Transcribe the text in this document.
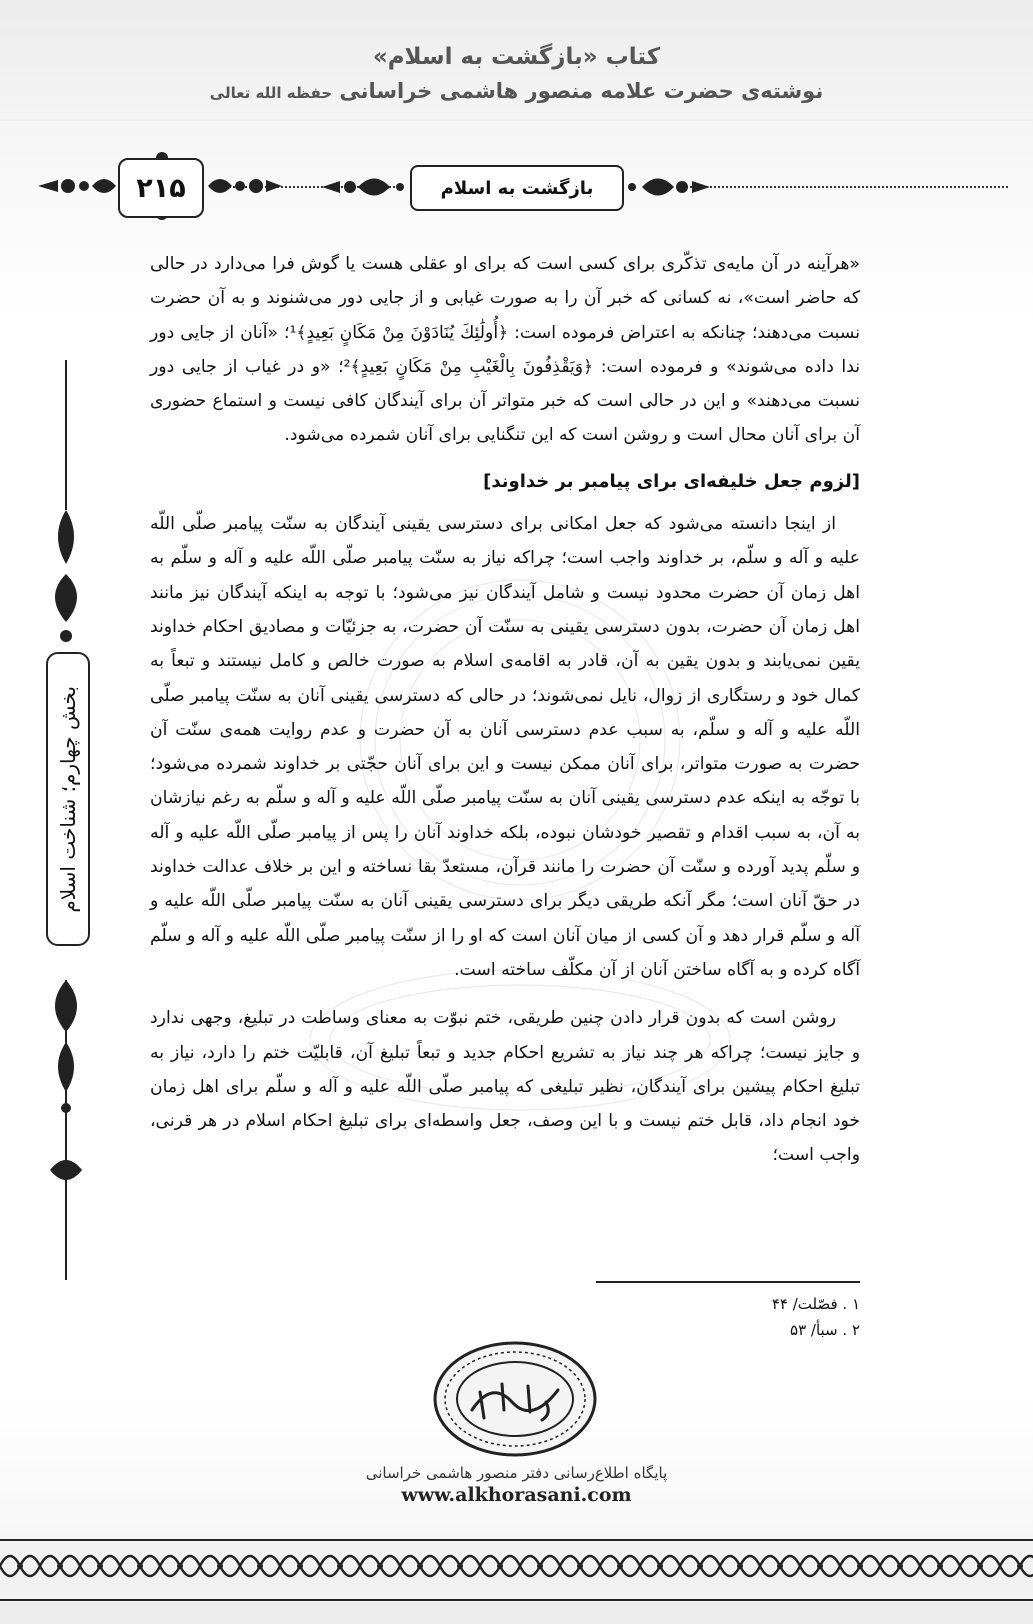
کتاب «بازگشت به اسلام»
نوشته‌ی حضرت علامه منصور هاشمی خراسانی حفظه الله تعالی
۲۱۵	بازگشت به اسلام
بخش چهارم؛ شناخت اسلام

«هرآینه در آن مایه‌ی تذکّری برای کسی است که برای او عقلی هست یا گوش فرا می‌دارد در حالی که حاضر است»، نه کسانی که خبر آن را به صورت غیابی و از جایی دور می‌شنوند و به آن حضرت نسبت می‌دهند؛ چنانکه به اعتراض فرموده است: ﴿أُولَٰئِكَ يُنَادَوْنَ مِنْ مَكَانٍ بَعِيدٍ﴾¹؛ «آنان از جایی دور ندا داده می‌شوند» و فرموده است: ﴿وَيَقْذِفُونَ بِالْغَيْبِ مِنْ مَكَانٍ بَعِيدٍ﴾²؛ «و در غیاب از جایی دور نسبت می‌دهند» و این در حالی است که خبر متواتر آن برای آیندگان کافی نیست و استماع حضوری آن برای آنان محال است و روشن است که این تنگنایی برای آنان شمرده می‌شود.

[لزوم جعل خلیفه‌ای برای پیامبر بر خداوند]

از اینجا دانسته می‌شود که جعل امکانی برای دسترسی یقینی آیندگان به سنّت پیامبر صلّی اللّه علیه و آله و سلّم، بر خداوند واجب است؛ چراکه نیاز به سنّت پیامبر صلّی اللّه علیه و آله و سلّم به اهل زمان آن حضرت محدود نیست و شامل آیندگان نیز می‌شود؛ با توجه به اینکه آیندگان نیز مانند اهل زمان آن حضرت، بدون دسترسی یقینی به سنّت آن حضرت، به جزئیّات و مصادیق احکام خداوند یقین نمی‌یابند و بدون یقین به آن، قادر به اقامه‌ی اسلام به صورت خالص و کامل نیستند و تبعاً به کمال خود و رستگاری از زوال، نایل نمی‌شوند؛ در حالی که دسترسی یقینی آنان به سنّت پیامبر صلّی اللّه علیه و آله و سلّم، به سبب عدم دسترسی آنان به آن حضرت و عدم روایت همه‌ی سنّت آن حضرت به صورت متواتر، برای آنان ممکن نیست و این برای آنان حجّتی بر خداوند شمرده می‌شود؛ با توجّه به اینکه عدم دسترسی یقینی آنان به سنّت پیامبر صلّی اللّه علیه و آله و سلّم به رغم نیازشان به آن، به سبب اقدام و تقصیر خودشان نبوده، بلکه خداوند آنان را پس از پیامبر صلّی اللّه علیه و آله و سلّم پدید آورده و سنّت آن حضرت را مانند قرآن، مستعدّ بقا نساخته و این بر خلاف عدالت خداوند در حقّ آنان است؛ مگر آنکه طریقی دیگر برای دسترسی یقینی آنان به سنّت پیامبر صلّی اللّه علیه و آله و سلّم قرار دهد و آن کسی از میان آنان است که او را از سنّت پیامبر صلّی اللّه علیه و آله و سلّم آگاه کرده و به آگاه ساختن آنان از آن مکلّف ساخته است.

روشن است که بدون قرار دادن چنین طریقی، ختم نبوّت به معنای وساطت در تبلیغ، وجهی ندارد و جایز نیست؛ چراکه هر چند نیاز به تشریع احکام جدید و تبعاً تبلیغ آن، قابلیّت ختم را دارد، نیاز به تبلیغ احکام پیشین برای آیندگان، نظیر تبلیغی که پیامبر صلّی اللّه علیه و آله و سلّم برای اهل زمان خود انجام داد، قابل ختم نیست و با این وصف، جعل واسطه‌ای برای تبلیغ احکام اسلام در هر قرنی، واجب است؛

۱ . فصّلت/ ۴۴
۲ . سبأ/ ۵۳
پایگاه اطلاع‌رسانی دفتر منصور هاشمی خراسانی
www.alkhorasani.com
